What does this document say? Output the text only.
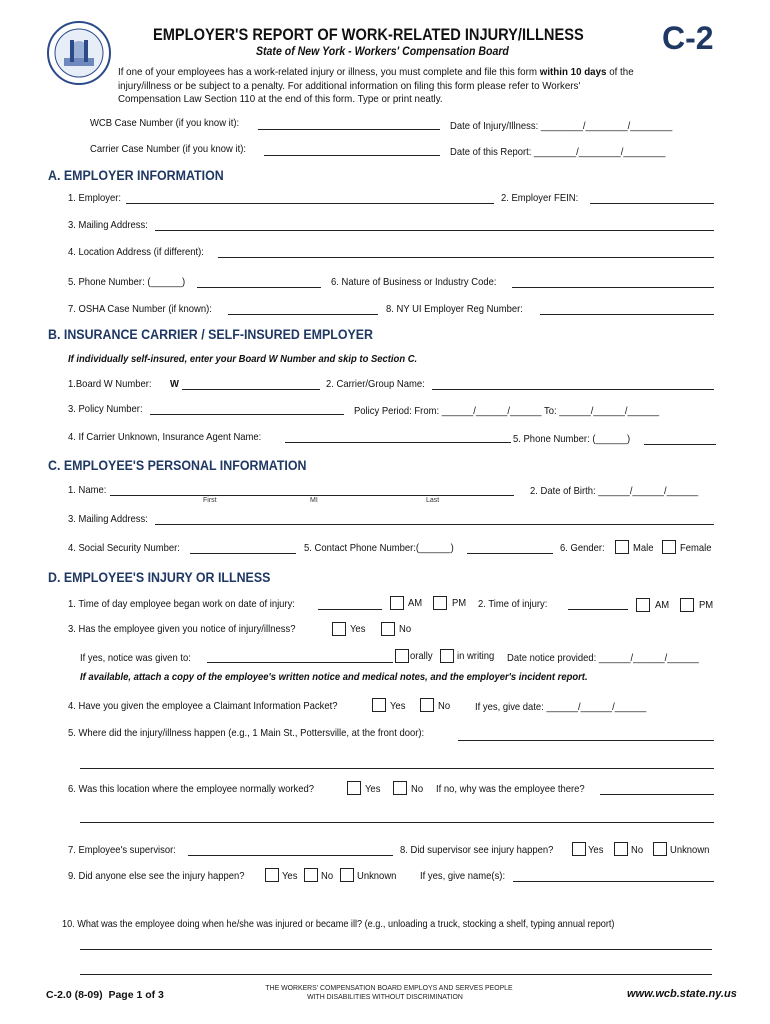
EMPLOYER'S REPORT OF WORK-RELATED INJURY/ILLNESS
State of New York - Workers' Compensation Board	C-2
If one of your employees has a work-related injury or illness, you must complete and file this form within 10 days of the
injury/illness or be subject to a penalty. For additional information on filing this form please refer to Workers'
Compensation Law Section 110 at the end of this form. Type or print neatly.
WCB Case Number (if you know it):	Date of Injury/Illness: ________/________/________
Carrier Case Number (if you know it):	Date of this Report: ________/________/________
A. EMPLOYER INFORMATION
1. Employer:	2. Employer FEIN:
3. Mailing Address:
4. Location Address (if different):
5. Phone Number: (______)	6. Nature of Business or Industry Code:
7. OSHA Case Number (if known):	8. NY UI Employer Reg Number:
B. INSURANCE CARRIER / SELF-INSURED EMPLOYER
If individually self-insured, enter your Board W Number and skip to Section C.
1.Board W Number: W	2. Carrier/Group Name:
3. Policy Number:	Policy Period: From: ______/______/______ To: ______/______/______
4. If Carrier Unknown, Insurance Agent Name:	5. Phone Number: (______)
C. EMPLOYEE'S PERSONAL INFORMATION
1. Name:
First	MI	Last
2. Date of Birth: ______/______/______
3. Mailing Address:
4. Social Security Number:	5. Contact Phone Number:(______)	6. Gender:	Male	Female
D. EMPLOYEE'S INJURY OR ILLNESS
1. Time of day employee began work on date of injury:	AM	PM 2. Time of injury:	AM	PM
3. Has the employee given you notice of injury/illness?	Yes	No
If yes, notice was given to:	orally in writing Date notice provided: ______/______/______
If available, attach a copy of the employee's written notice and medical notes, and the employer's incident report.
4. Have you given the employee a Claimant Information Packet?	Yes	No If yes, give date: ______/______/______
5. Where did the injury/illness happen (e.g., 1 Main St., Pottersville, at the front door):
6. Was this location where the employee normally worked?	Yes	No If no, why was the employee there?
7. Employee's supervisor:	8. Did supervisor see injury happen?	Yes	No	Unknown
9. Did anyone else see the injury happen?	Yes No Unknown If yes, give name(s):
10. What was the employee doing when he/she was injured or became ill? (e.g., unloading a truck, stocking a shelf, typing annual report)
C-2.0 (8-09) Page 1 of 3
THE WORKERS' COMPENSATION BOARD EMPLOYS AND SERVES PEOPLE
WITH DISABILITIES WITHOUT DISCRIMINATION	www.wcb.state.ny.us
